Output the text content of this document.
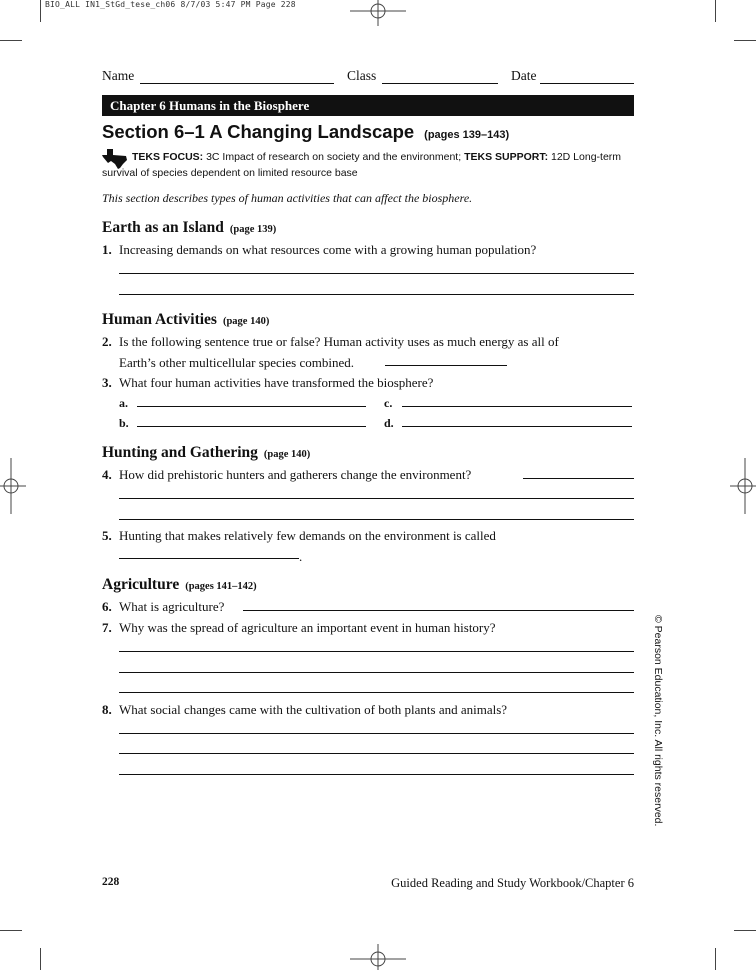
BIO_ALL IN1_StGd_tese_ch06 8/7/03 5:47 PM Page 228
Name	Class	Date
Chapter 6 Humans in the Biosphere
Section 6–1 A Changing Landscape (pages 139–143)
TEKS FOCUS: 3C Impact of research on society and the environment; TEKS SUPPORT: 12D Long-term survival of species dependent on limited resource base
This section describes types of human activities that can affect the biosphere.
Earth as an Island (page 139)
1. Increasing demands on what resources come with a growing human population?
Human Activities (page 140)
2. Is the following sentence true or false? Human activity uses as much energy as all of
Earth’s other multicellular species combined.
3. What four human activities have transformed the biosphere?
a.	c.
b.	d.
Hunting and Gathering (page 140)
4. How did prehistoric hunters and gatherers change the environment?
5. Hunting that makes relatively few demands on the environment is called
.
Agriculture (pages 141–142)
6. What is agriculture?
7. Why was the spread of agriculture an important event in human history?
8. What social changes came with the cultivation of both plants and animals?	© Pearson Education, Inc. All rights reserved.
228	Guided Reading and Study Workbook/Chapter 6
